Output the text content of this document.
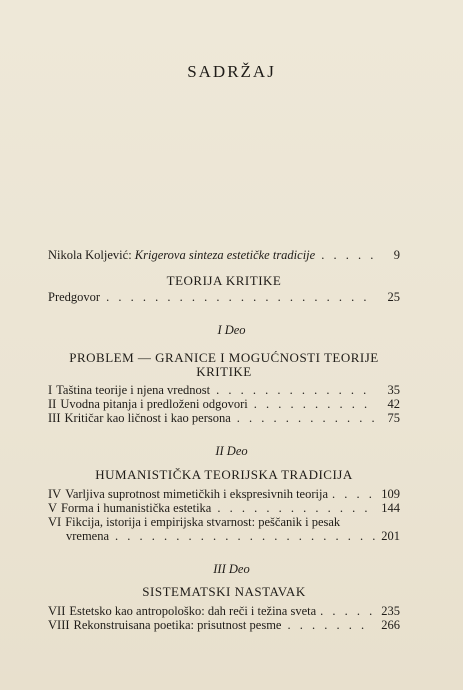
SADRŽAJ
Nikola Koljević: Krigerova sinteza estetičke tradicije . . .	9
TEORIJA KRITIKE
Predgovor . . .	25
I Deo
PROBLEM — GRANICE I MOGUĆNOSTI TEORIJE
KRITIKE
I Taština teorije i njena vrednost . . .	35
II Uvodna pitanja i predloženi odgovori . . .	42
III Kritičar kao ličnost i kao persona . . .	75
II Deo
HUMANISTIČKA TEORIJSKA TRADICIJA
IV Varljiva suprotnost mimetičkih i ekspresivnih teorija . . .	109
V Forma i humanistička estetika . . .	144
VI Fikcija, istorija i empirijska stvarnost: peščanik i pesak
vremena . . .	201
III Deo
SISTEMATSKI NASTAVAK
VII Estetsko kao antropološko: dah reči i težina sveta . . .	235
VIII Rekonstruisana poetika: prisutnost pesme . . .	266
